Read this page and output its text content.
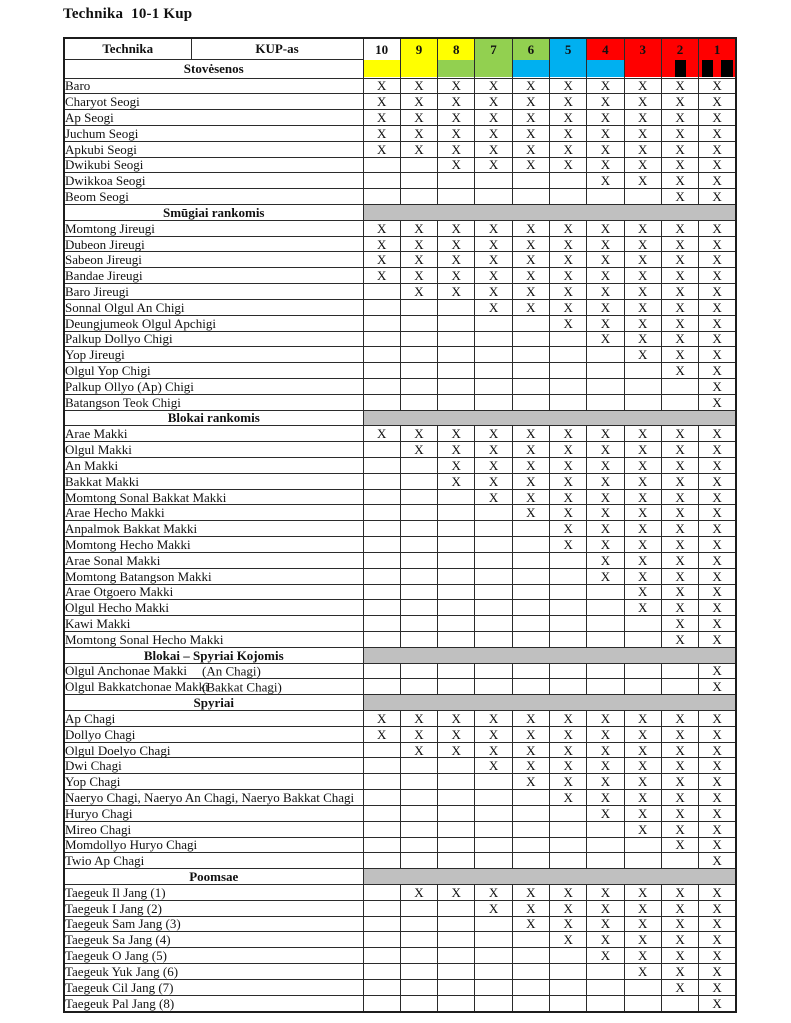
Technika  10-1 Kup
Technika	KUP-as	10	9	8	7	6	5	4	3	2	1

Stovėsenos											
Baro		X	X	X	X	X	X	X	X	X	X
Charyot Seogi		X	X	X	X	X	X	X	X	X	X
Ap Seogi		X	X	X	X	X	X	X	X	X	X
Juchum Seogi		X	X	X	X	X	X	X	X	X	X
Apkubi Seogi		X	X	X	X	X	X	X	X	X	X
Dwikubi Seogi				X	X	X	X	X	X	X	X
Dwikkoa Seogi								X	X	X	X
Beom Seogi										X	X
Smūgiai rankomis											
Momtong Jireugi		X	X	X	X	X	X	X	X	X	X
Dubeon Jireugi		X	X	X	X	X	X	X	X	X	X
Sabeon Jireugi		X	X	X	X	X	X	X	X	X	X
Bandae Jireugi		X	X	X	X	X	X	X	X	X	X
Baro Jireugi			X	X	X	X	X	X	X	X	X
Sonnal Olgul An Chigi					X	X	X	X	X	X	X
Deungjumeok Olgul Apchigi							X	X	X	X	X
Palkup Dollyo Chigi								X	X	X	X
Yop Jireugi									X	X	X
Olgul Yop Chigi										X	X
Palkup Ollyo (Ap) Chigi											X
Batangson Teok Chigi											X
Blokai rankomis											
Arae Makki		X	X	X	X	X	X	X	X	X	X
Olgul Makki			X	X	X	X	X	X	X	X	X
An Makki				X	X	X	X	X	X	X	X
Bakkat Makki				X	X	X	X	X	X	X	X
Momtong Sonal Bakkat Makki					X	X	X	X	X	X	X
Arae Hecho Makki						X	X	X	X	X	X
Anpalmok Bakkat Makki							X	X	X	X	X
Momtong Hecho Makki							X	X	X	X	X
Arae Sonal Makki								X	X	X	X
Momtong Batangson Makki								X	X	X	X
Arae Otgoero Makki									X	X	X
Olgul Hecho Makki									X	X	X
Kawi Makki										X	X
Momtong Sonal Hecho Makki										X	X
Blokai – Spyriai Kojomis											
Olgul Anchonae Makki (An Chagi)											X
Olgul Bakkatchonae Makki
(Bakkat Chagi)											X
Spyriai											
Ap Chagi		X	X	X	X	X	X	X	X	X	X
Dollyo Chagi		X	X	X	X	X	X	X	X	X	X
Olgul Doelyo Chagi			X	X	X	X	X	X	X	X	X
Dwi Chagi					X	X	X	X	X	X	X
Yop Chagi						X	X	X	X	X	X
Naeryo Chagi, Naeryo An Chagi, Naeryo Bakkat Chagi							X	X	X	X	X
Huryo Chagi								X	X	X	X
Mireo Chagi									X	X	X
Momdollyo Huryo Chagi										X	X
Twio Ap Chagi											X
Poomsae											
Taegeuk Il Jang (1)			X	X	X	X	X	X	X	X	X
Taegeuk I Jang (2)					X	X	X	X	X	X	X
Taegeuk Sam Jang (3)						X	X	X	X	X	X
Taegeuk Sa Jang (4)							X	X	X	X	X
Taegeuk O Jang (5)								X	X	X	X
Taegeuk Yuk Jang (6)									X	X	X
Taegeuk Cil Jang (7)										X	X
Taegeuk Pal Jang (8)											X
